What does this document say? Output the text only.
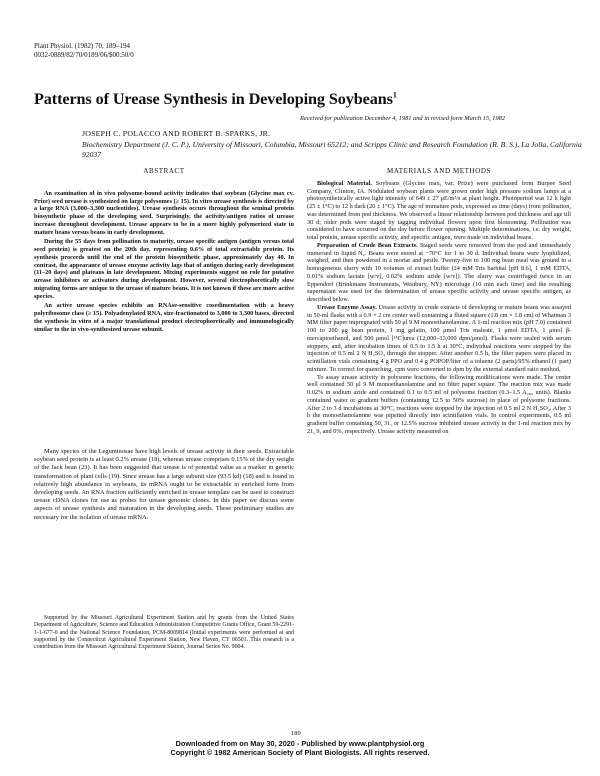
Plant Physiol. (1982) 70, 189–194
0032-0889/82/70/0189/06/$00.50/0
Patterns of Urease Synthesis in Developing Soybeans$^1$
Received for publication December 4, 1981 and in revised form March 15, 1982
JOSEPH C. POLACCO AND ROBERT B. SPARKS, JR.
Biochemistry Department (J. C. P.), University of Missouri, Columbia, Missouri 65212; and Scripps Clinic and Research Foundation (R. B. S.), La Jolla, California 92037
ABSTRACT

An examination of in vivo polysome-bound activity indicates that soybean (Glycine max cv. Prize) seed urease is synthesized on large polysomes (≥ 15). In vitro urease synthesis is directed by a large RNA (3,000–3,300 nucleotides). Urease synthesis occurs throughout the seminal protein biosynthetic phase of the developing seed. Surprisingly, the activity/antigen ratios of urease increase throughout development. Urease appears to be in a more highly polymerized state in mature beans versus beans in early development.

During the 55 days from pollination to maturity, urease specific antigen (antigen versus total seed protein) is greatest on the 20th day, representing 0.6% of total extractable protein. Its synthesis proceeds until the end of the protein biosynthetic phase, approximately day 40. In contrast, the appearance of urease enzyme activity lags that of antigen during early development (11–20 days) and plateaus in late development. Mixing experiments suggest no role for putative urease inhibitors or activators during development. However, several electrophoretically slow migrating forms are unique to the urease of mature beans. It is not known if these are more active species.

An active urease species exhibits an RNAse-sensitive cosedimentation with a heavy polyribosome class (≥ 15). Polyadenylated RNA, size-fractionated to 3,000 to 3,300 bases, directed the synthesis in vitro of a major translational product electrophoretically and immunologically similar to the in vivo-synthesized urease subunit.

Many species of the Leguminosae have high levels of urease activity in their seeds. Extractable soybean seed protein is at least 0.2% urease (18), whereas urease comprises 0.15% of the dry weight of the Jack bean (23). It has been suggested that urease is of potential value as a marker in genetic transformation of plant cells (19). Since urease has a large subunit size (93.5 kd) (18) and is found in relatively high abundance in soybeans, its mRNA ought to be extractable in enriched form from developing seeds. An RNA fraction sufficiently enriched in urease template can be used to construct urease cDNA clones for use as probes for urease genomic clones. In this paper we discuss some aspects of urease synthesis and maturation in the developing seeds. These preliminary studies are necessary for the isolation of urease mRNA.

Supported by the Missouri Agricultural Experiment Station and by grants from the United States Department of Agriculture, Science and Education Administration Competitive Grants Office, Grant 59-2291-1-1-677-0 and the National Science Foundation, PCM-8009814 (Initial experiments were performed at and supported by the Connecticut Agricultural Experiment Station, New Haven, CT 06501. This research is a contribution from the Missouri Agricultural Experiment Station, Journal Series No. 9004.

MATERIALS AND METHODS

Biological Material. Soybeans (Glycine max, var. Prize) were purchased from Burpee Seed Company, Clinton, IA. Nodulated soybean plants were grown under high pressure sodium lamps at a photosynthetically active light intensity of 649 ± 27 μE/m²/s at plant height. Photoperiod was 12 h light (25 ± 1°C) to 12 h dark (20 ± 1°C). The age of immature pods, expressed as time (days) from pollination, was determined from pod thickness. We observed a linear relationship between pod thickness and age till 30 d; older pods were staged by tagging individual flowers upon first blossoming. Pollination was considered to have occurred on the day before flower opening. Multiple determinations, i.e. dry weight, total protein, urease specific activity, and specific antigen, were made on individual beans.

Preparation of Crude Bean Extracts. Staged seeds were removed from the pod and immediately immersed in liquid N₂. Beans were stored at −70°C for 1 to 30 d. Individual beans were lyophilized, weighed, and then powdered in a mortar and pestle. Twenty-five to 100 mg bean meal was ground to a homogeneous slurry with 10 volumes of extract buffer (24 mM Tris barbital [pH 8.6], 1 mM EDTA, 0.01% sodium lactate [w/v], 0.02% sodium azide [w/v]). The slurry was centrifuged twice in an Eppendorf (Brinkmann Instruments, Westbury, NY) microfuge (10 min each time) and the resulting supernatant was used for the determination of urease specific activity and urease specific antigen, as described below.

Urease Enzyme Assay. Urease activity in crude extracts of developing or mature beans was assayed in 50-ml flasks with a 0.9 × 2 cm center well containing a fluted square (1.8 cm × 1.8 cm) of Whatman 3 MM filter paper impregnated with 50 μl 9 M monoethanolamine. A 1-ml reaction mix (pH 7.0) contained 100 to 200 μg bean protein, 1 mg gelatin, 100 μmol Tris maleate, 1 μmol EDTA, 1 μmol β-mercaptoethanol, and 500 μmol [¹⁴C]urea (12,000–13,000 dpm/μmol). Flasks were sealed with serum stoppers, and, after incubation times of 0.5 to 1.5 h at 30°C, individual reactions were stopped by the injection of 0.5 ml 2 N H₂SO₄ through the stopper. After another 0.5 h, the filter papers were placed in scintillation vials containing 4 g PPO and 0.4 g POPOP/liter of a toluene (2 parts)/95% ethanol (1 part) mixture. To correct for quenching, cpm were converted to dpm by the external standard ratio method.

To assay urease activity in polysome fractions, the following modifications were made. The center well contained 50 μl 9 M monoethanolamine and no filter paper square. The reaction mix was made 0.02% in sodium azide and contained 0.1 to 0.5 ml of polysome fraction (0.3–1.5 A₂₆₀ units). Blanks contained water or gradient buffers (containing 12.5 to 50% sucrose) in place of polysome fractions. After 2 to 3 d incubations at 30°C, reactions were stopped by the injection of 0.5 ml 2 N H₂SO₄. After 3 h the monoethanolamine was pipetted directly into scintillation vials. In control experiments, 0.5 ml gradient buffer containing 50, 31, or 12.5% sucrose inhibited urease activity in the 1-ml reaction mix by 21, 9, and 0%, respectively. Urease activity measured on

189
Downloaded from on May 30, 2020 - Published by www.plantphysiol.org
Copyright © 1982 American Society of Plant Biologists. All rights reserved.
